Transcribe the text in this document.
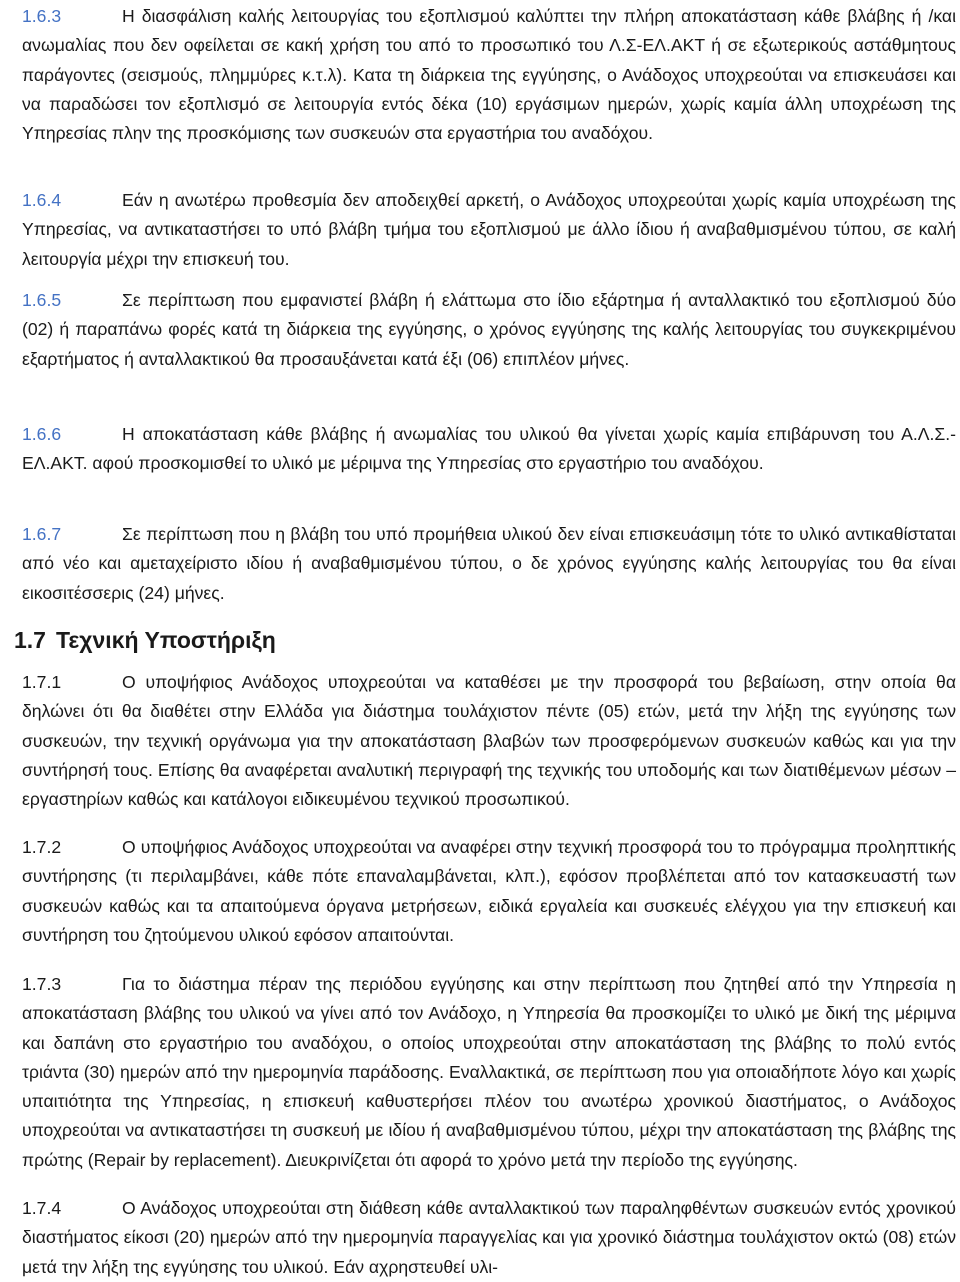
1.6.3	Η διασφάλιση καλής λειτουργίας του εξοπλισμού καλύπτει την πλήρη αποκατάσταση κάθε βλάβης ή /και ανωμαλίας που δεν οφείλεται σε κακή χρήση του από το προσωπικό του Λ.Σ-ΕΛ.ΑΚΤ ή σε εξωτερικούς αστάθμητους παράγοντες (σεισμούς, πλημμύρες κ.τ.λ). Κατα τη διάρκεια της εγγύησης, ο Ανάδοχος υποχρεούται να επισκευάσει και να παραδώσει τον εξοπλισμό σε λειτουργία εντός δέκα (10) εργάσιμων ημερών, χωρίς καμία άλλη υποχρέωση της Υπηρεσίας πλην της προσκόμισης των συσκευών στα εργαστήρια του αναδόχου.

1.6.4	Εάν η ανωτέρω προθεσμία δεν αποδειχθεί αρκετή, ο Ανάδοχος υποχρεούται χωρίς καμία υποχρέωση της Υπηρεσίας, να αντικαταστήσει το υπό βλάβη τμήμα του εξοπλισμού με άλλο ίδιου ή αναβαθμισμένου τύπου, σε καλή λειτουργία μέχρι την επισκευή του.

1.6.5	Σε περίπτωση που εμφανιστεί βλάβη ή ελάττωμα στο ίδιο εξάρτημα ή ανταλλακτικό του εξοπλισμού δύο (02) ή παραπάνω φορές κατά τη διάρκεια της εγγύησης, ο χρόνος εγγύησης της καλής λειτουργίας του συγκεκριμένου εξαρτήματος ή ανταλλακτικού θα προσαυξάνεται κατά έξι (06) επιπλέον μήνες.

1.6.6	Η αποκατάσταση κάθε βλάβης ή ανωμαλίας του υλικού θα γίνεται χωρίς καμία επιβάρυνση του Α.Λ.Σ.-ΕΛ.ΑΚΤ. αφού προσκομισθεί το υλικό με μέριμνα της Υπηρεσίας στο εργαστήριο του αναδόχου.

1.6.7	Σε περίπτωση που η βλάβη του υπό προμήθεια υλικού δεν είναι επισκευάσιμη τότε το υλικό αντικαθίσταται από νέο και αμεταχείριστο ιδίου ή αναβαθμισμένου τύπου, ο δε χρόνος εγγύησης καλής λειτουργίας του θα είναι εικοσιτέσσερις (24) μήνες.

1.7 Τεχνική Υποστήριξη

1.7.1	Ο υποψήφιος Ανάδοχος υποχρεούται να καταθέσει με την προσφορά του βεβαίωση, στην οποία θα δηλώνει ότι θα διαθέτει στην Ελλάδα για διάστημα τουλάχιστον πέντε (05) ετών, μετά την λήξη της εγγύησης των συσκευών, την τεχνική οργάνωμα για την αποκατάσταση βλαβών των προσφερόμενων συσκευών καθώς και για την συντήρησή τους. Επίσης θα αναφέρεται αναλυτική περιγραφή της τεχνικής του υποδομής και των διατιθέμενων μέσων – εργαστηρίων καθώς και κατάλογοι ειδικευμένου τεχνικού προσωπικού.

1.7.2	Ο υποψήφιος Ανάδοχος υποχρεούται να αναφέρει στην τεχνική προσφορά του το πρόγραμμα προληπτικής συντήρησης (τι περιλαμβάνει, κάθε πότε επαναλαμβάνεται, κλπ.), εφόσον προβλέπεται από τον κατασκευαστή των συσκευών καθώς και τα απαιτούμενα όργανα μετρήσεων, ειδικά εργαλεία και συσκευές ελέγχου για την επισκευή και συντήρηση του ζητούμενου υλικού εφόσον απαιτούνται.

1.7.3	Για το διάστημα πέραν της περιόδου εγγύησης και στην περίπτωση που ζητηθεί από την Υπηρεσία η αποκατάσταση βλάβης του υλικού να γίνει από τον Ανάδοχο, η Υπηρεσία θα προσκομίζει το υλικό με δική της μέριμνα και δαπάνη στο εργαστήριο του αναδόχου, ο οποίος υποχρεούται στην αποκατάσταση της βλάβης το πολύ εντός τριάντα (30) ημερών από την ημερομηνία παράδοσης. Εναλλακτικά, σε περίπτωση που για οποιαδήποτε λόγο και χωρίς υπαιτιότητα της Υπηρεσίας, η επισκευή καθυστερήσει πλέον του ανωτέρω χρονικού διαστήματος, ο Ανάδοχος υποχρεούται να αντικαταστήσει τη συσκευή με ιδίου ή αναβαθμισμένου τύπου, μέχρι την αποκατάσταση της βλάβης της πρώτης (Repair by replacement). Διευκρινίζεται ότι αφορά το χρόνο μετά την περίοδο της εγγύησης.

1.7.4	Ο Ανάδοχος υποχρεούται στη διάθεση κάθε ανταλλακτικού των παραληφθέντων συσκευών εντός χρονικού διαστήματος είκοσι (20) ημερών από την ημερομηνία παραγγελίας και για χρονικό διάστημα τουλάχιστον οκτώ (08) ετών μετά την λήξη της εγγύησης του υλικού. Εάν αχρηστευθεί υλι-
